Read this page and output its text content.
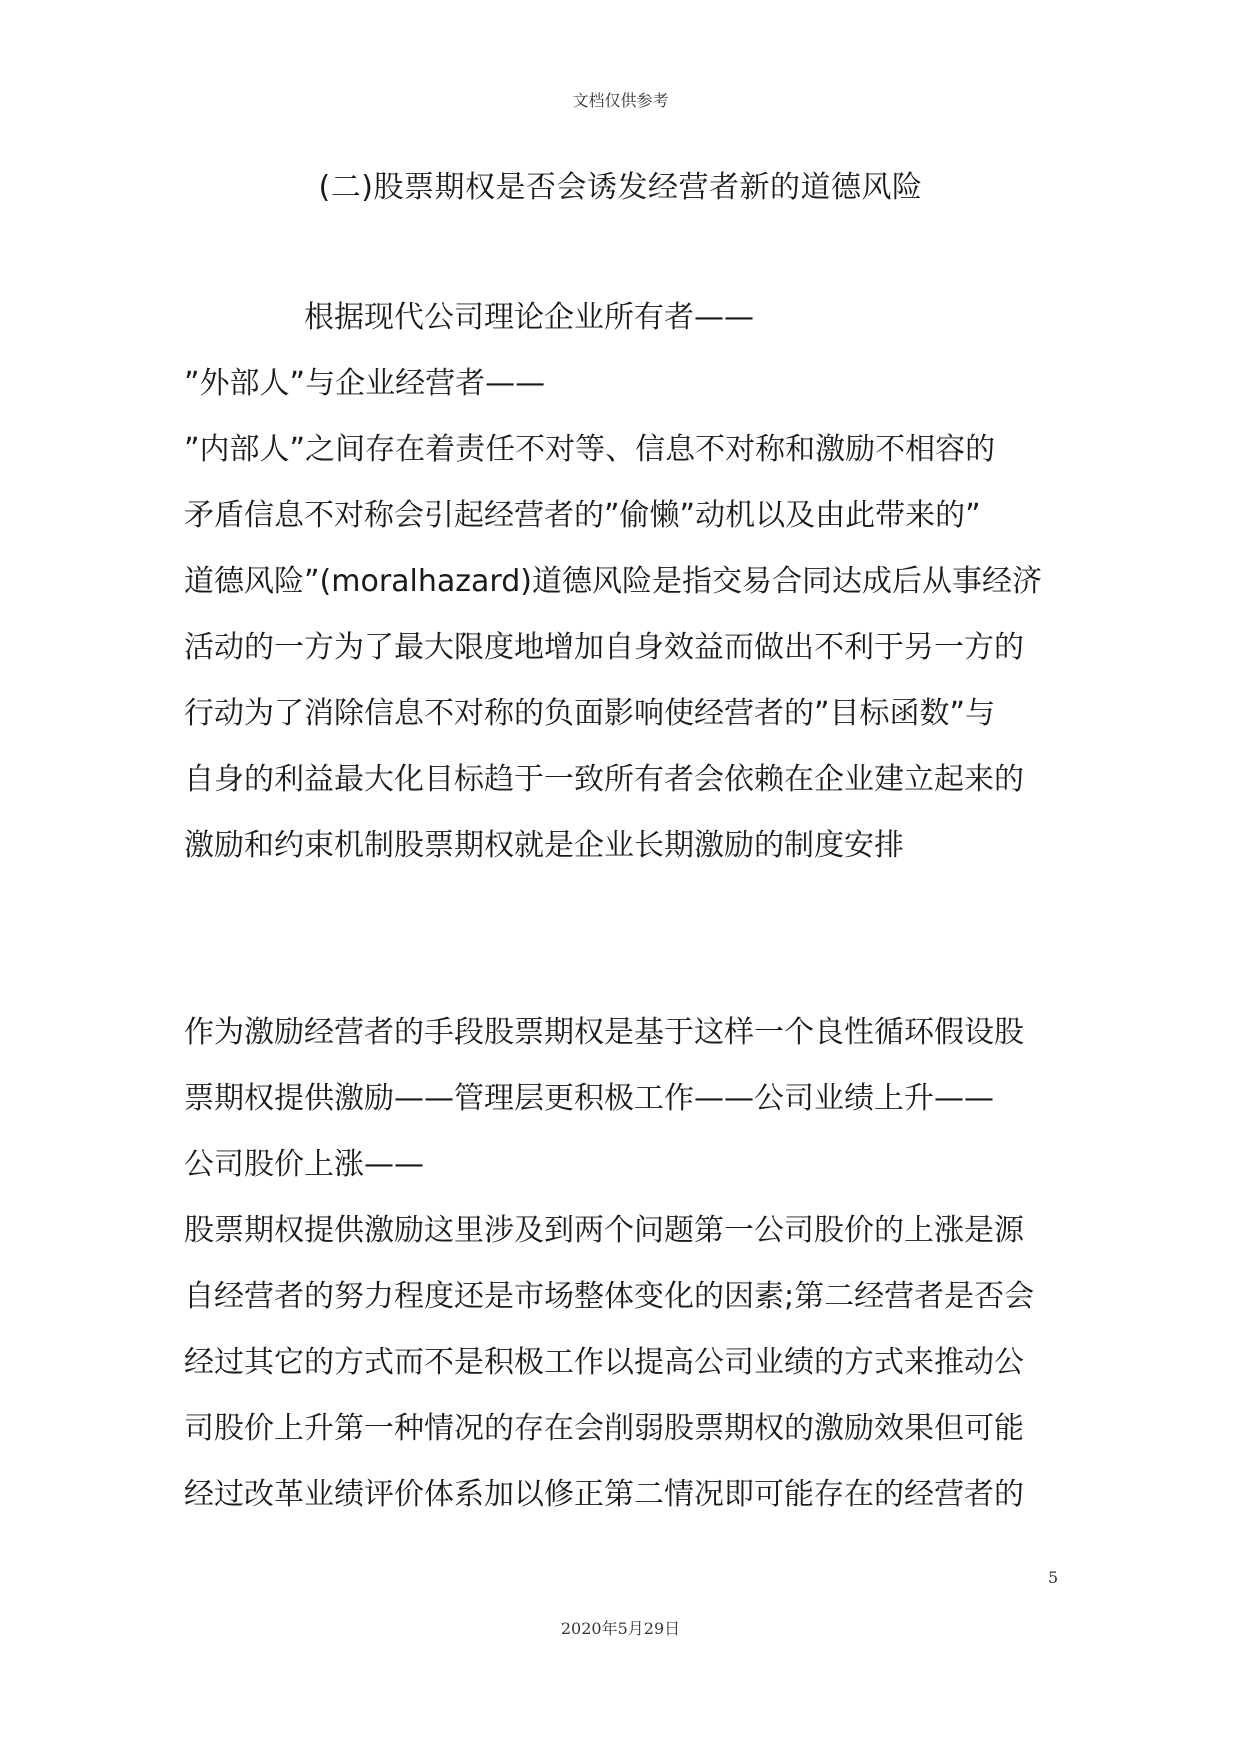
文档仅供参考
(二)股票期权是否会诱发经营者新的道德风险
　　　　根据现代公司理论企业所有者——
”外部人”与企业经营者——
”内部人”之间存在着责任不对等、信息不对称和激励不相容的
矛盾信息不对称会引起经营者的”偷懒”动机以及由此带来的”
道德风险”(moralhazard)道德风险是指交易合同达成后从事经济
活动的一方为了最大限度地增加自身效益而做出不利于另一方的
行动为了消除信息不对称的负面影响使经营者的”目标函数”与
自身的利益最大化目标趋于一致所有者会依赖在企业建立起来的
激励和约束机制股票期权就是企业长期激励的制度安排
作为激励经营者的手段股票期权是基于这样一个良性循环假设股
票期权提供激励——管理层更积极工作——公司业绩上升——
公司股价上涨——
股票期权提供激励这里涉及到两个问题第一公司股价的上涨是源
自经营者的努力程度还是市场整体变化的因素;第二经营者是否会
经过其它的方式而不是积极工作以提高公司业绩的方式来推动公
司股价上升第一种情况的存在会削弱股票期权的激励效果但可能
经过改革业绩评价体系加以修正第二情况即可能存在的经营者的
5
2020年5月29日
